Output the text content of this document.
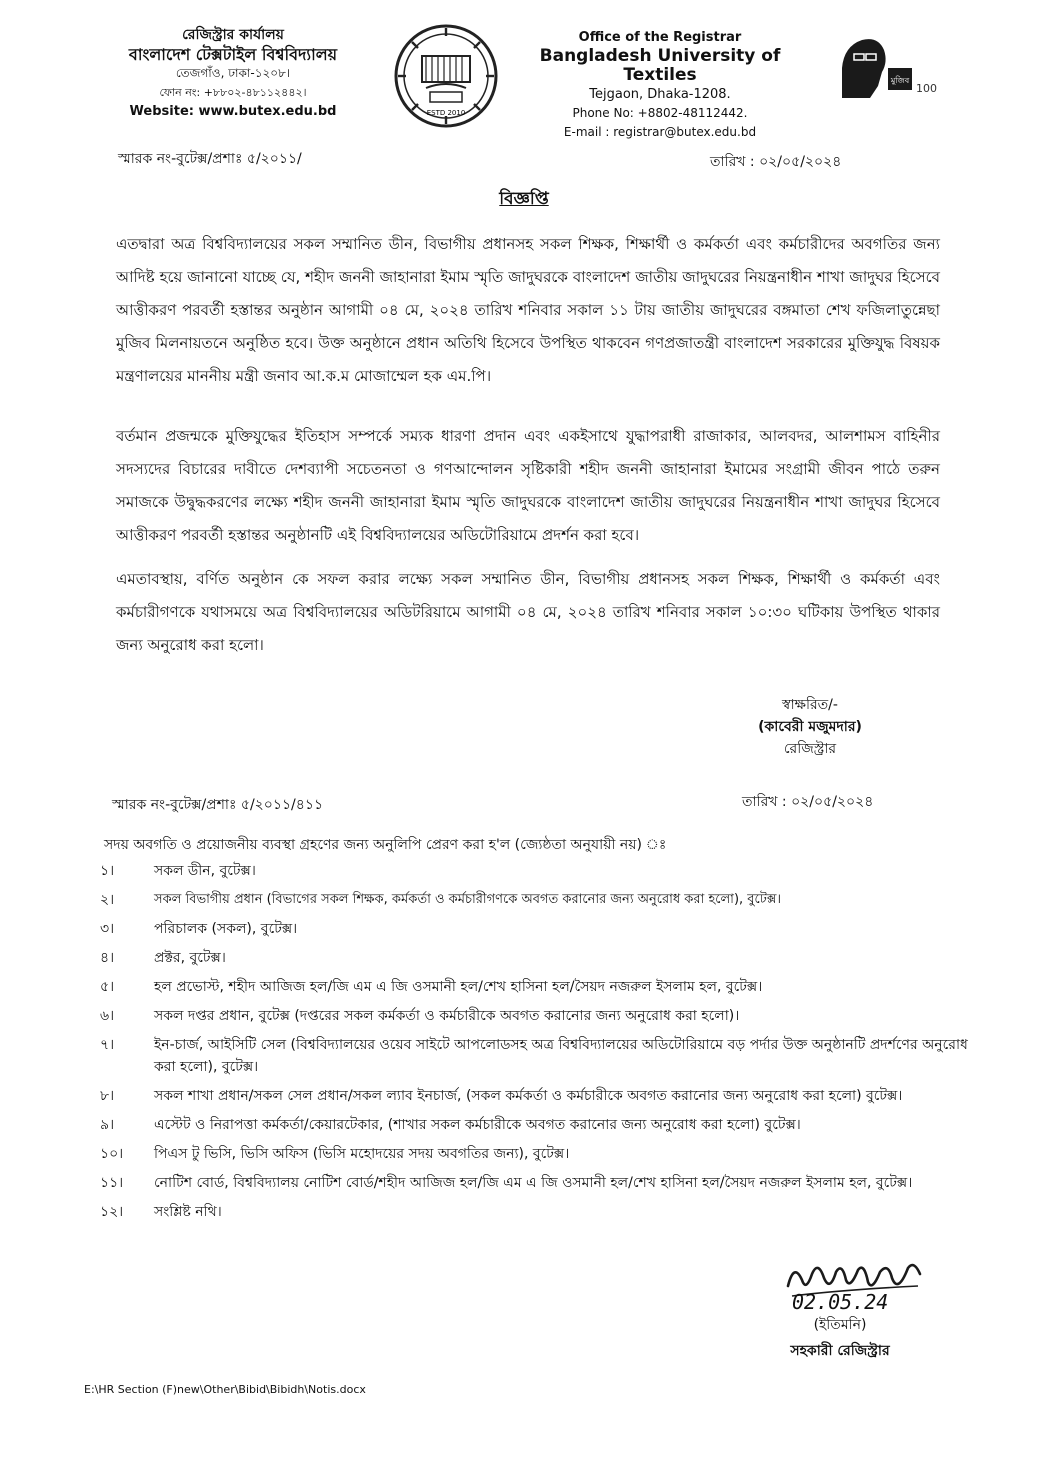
রেজিস্ট্রার কার্যালয়
বাংলাদেশ টেক্সটাইল বিশ্ববিদ্যালয়
তেজগাঁও, ঢাকা-১২০৮।
ফোন নং: +৮৮০২-৪৮১১২৪৪২।
Website: www.butex.edu.bd	ESTD 2010
Office of the Registrar
Bangladesh University of Textiles
Tejgaon, Dhaka-1208.
Phone No: +8802-48112442.
E-mail : registrar@butex.edu.bd
মুজিব
100
স্মারক নং-বুটেক্স/প্রশাঃ ৫/২০১১/	তারিখ : ০২/০৫/২০২৪
বিজ্ঞপ্তি
এতদ্বারা অত্র বিশ্ববিদ্যালয়ের সকল সম্মানিত ডীন, বিভাগীয় প্রধানসহ সকল শিক্ষক, শিক্ষার্থী ও কর্মকর্তা এবং কর্মচারীদের অবগতির জন্য আদিষ্ট হয়ে জানানো যাচ্ছে যে, শহীদ জননী জাহানারা ইমাম স্মৃতি জাদুঘরকে বাংলাদেশ জাতীয় জাদুঘরের নিয়ন্ত্রনাধীন শাখা জাদুঘর হিসেবে আত্তীকরণ পরবর্তী হস্তান্তর অনুষ্ঠান আগামী ০৪ মে, ২০২৪ তারিখ শনিবার সকাল ১১ টায় জাতীয় জাদুঘরের বঙ্গমাতা শেখ ফজিলাতুন্নেছা মুজিব মিলনায়তনে অনুষ্ঠিত হবে। উক্ত অনুষ্ঠানে প্রধান অতিথি হিসেবে উপস্থিত থাকবেন গণপ্রজাতন্ত্রী বাংলাদেশ সরকারের মুক্তিযুদ্ধ বিষয়ক মন্ত্রণালয়ের মাননীয় মন্ত্রী জনাব আ.ক.ম মোজাম্মেল হক এম.পি।
বর্তমান প্রজন্মকে মুক্তিযুদ্ধের ইতিহাস সম্পর্কে সম্যক ধারণা প্রদান এবং একইসাথে যুদ্ধাপরাধী রাজাকার, আলবদর, আলশামস বাহিনীর সদস্যদের বিচারের দাবীতে দেশব্যাপী সচেতনতা ও গণআন্দোলন সৃষ্টিকারী শহীদ জননী জাহানারা ইমামের সংগ্রামী জীবন পাঠে তরুন সমাজকে উদ্বুদ্ধকরণের লক্ষ্যে শহীদ জননী জাহানারা ইমাম স্মৃতি জাদুঘরকে বাংলাদেশ জাতীয় জাদুঘরের নিয়ন্ত্রনাধীন শাখা জাদুঘর হিসেবে আত্তীকরণ পরবর্তী হস্তান্তর অনুষ্ঠানটি এই বিশ্ববিদ্যালয়ের অডিটোরিয়ামে প্রদর্শন করা হবে।
এমতাবস্থায়, বর্ণিত অনুষ্ঠান কে সফল করার লক্ষ্যে সকল সম্মানিত ডীন, বিভাগীয় প্রধানসহ সকল শিক্ষক, শিক্ষার্থী ও কর্মকর্তা এবং কর্মচারীগণকে যথাসময়ে অত্র বিশ্ববিদ্যালয়ের অডিটরিয়ামে আগামী ০৪ মে, ২০২৪ তারিখ শনিবার সকাল ১০:৩০ ঘটিকায় উপস্থিত থাকার জন্য অনুরোধ করা হলো।
স্বাক্ষরিত/-
(কাবেরী মজুমদার)
রেজিস্ট্রার
স্মারক নং-বুটেক্স/প্রশাঃ ৫/২০১১/৪১১	তারিখ : ০২/০৫/২০২৪
সদয় অবগতি ও প্রয়োজনীয় ব্যবস্থা গ্রহণের জন্য অনুলিপি প্রেরণ করা হ'ল (জ্যেষ্ঠতা অনুযায়ী নয়) ঃ
১।	সকল ডীন, বুটেক্স।
২।	সকল বিভাগীয় প্রধান (বিভাগের সকল শিক্ষক, কর্মকর্তা ও কর্মচারীগণকে অবগত করানোর জন্য অনুরোধ করা হলো), বুটেক্স।
৩।	পরিচালক (সকল), বুটেক্স।
৪।	প্রক্টর, বুটেক্স।
৫।	হল প্রভোস্ট, শহীদ আজিজ হল/জি এম এ জি ওসমানী হল/শেখ হাসিনা হল/সৈয়দ নজরুল ইসলাম হল, বুটেক্স।
৬।	সকল দপ্তর প্রধান, বুটেক্স (দপ্তরের সকল কর্মকর্তা ও কর্মচারীকে অবগত করানোর জন্য অনুরোধ করা হলো)।
৭।	ইন-চার্জ, আইসিটি সেল (বিশ্ববিদ্যালয়ের ওয়েব সাইটে আপলোডসহ অত্র বিশ্ববিদ্যালয়ের অডিটোরিয়ামে বড় পর্দার উক্ত অনুষ্ঠানটি প্রদর্শণের অনুরোধ করা হলো), বুটেক্স।
৮।	সকল শাখা প্রধান/সকল সেল প্রধান/সকল ল্যাব ইনচার্জ, (সকল কর্মকর্তা ও কর্মচারীকে অবগত করানোর জন্য অনুরোধ করা হলো) বুটেক্স।
৯।	এস্টেট ও নিরাপত্তা কর্মকর্তা/কেয়ারটেকার, (শাখার সকল কর্মচারীকে অবগত করানোর জন্য অনুরোধ করা হলো) বুটেক্স।
১০।	পিএস টু ভিসি, ভিসি অফিস (ভিসি মহোদয়ের সদয় অবগতির জন্য), বুটেক্স।
১১।	নোটিশ বোর্ড, বিশ্ববিদ্যালয় নোটিশ বোর্ড/শহীদ আজিজ হল/জি এম এ জি ওসমানী হল/শেখ হাসিনা হল/সৈয়দ নজরুল ইসলাম হল, বুটেক্স।
১২।	সংশ্লিষ্ট নথি।
02.05.24
(ইতিমনি)
সহকারী রেজিস্ট্রার
E:\HR Section (F)new\Other\Bibid\Bibidh\Notis.docx
